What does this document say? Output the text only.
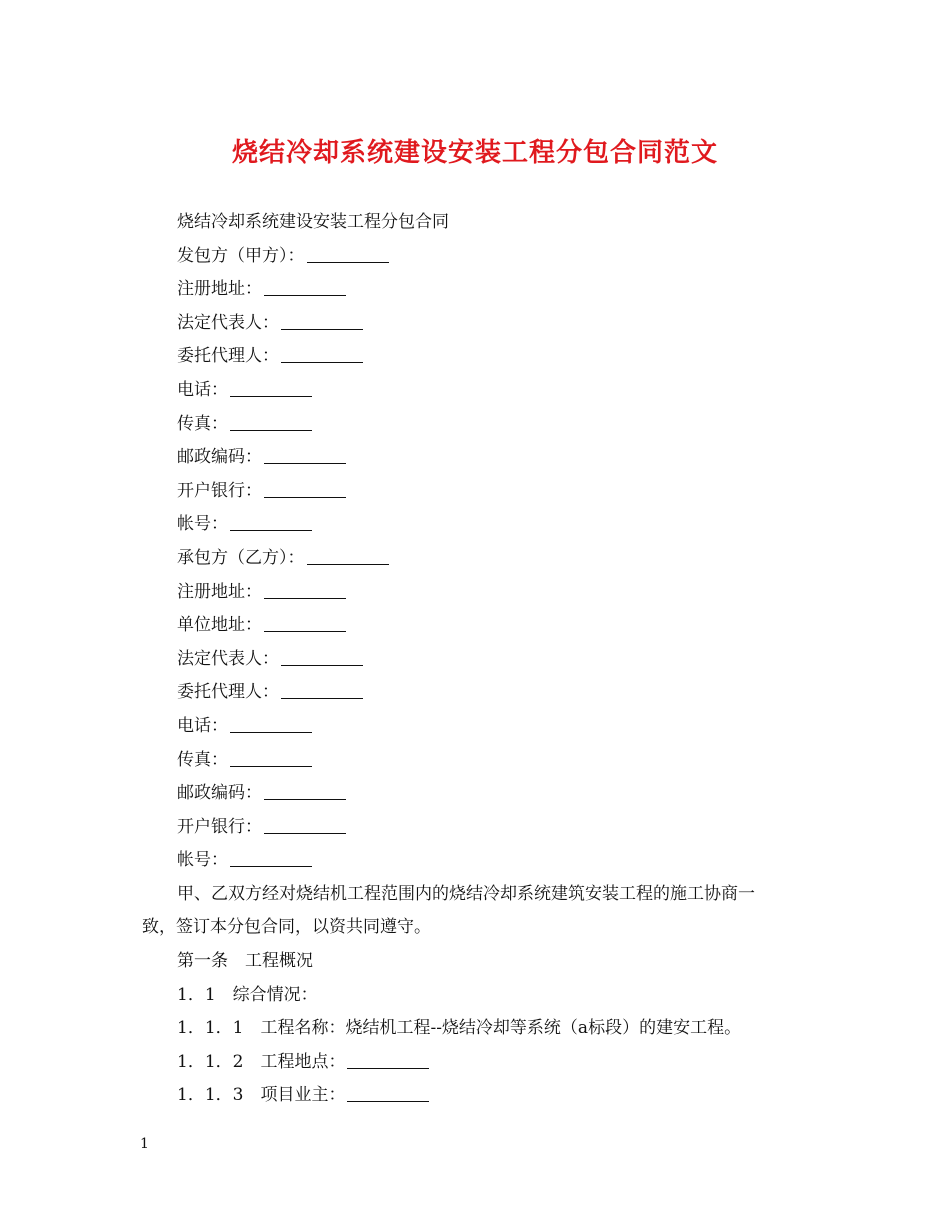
烧结冷却系统建设安装工程分包合同范文
烧结冷却系统建设安装工程分包合同
发包方（甲方）：
注册地址：
法定代表人：
委托代理人：
电话：
传真：
邮政编码：
开户银行：
帐号：
承包方（乙方）：
注册地址：
单位地址：
法定代表人：
委托代理人：
电话：
传真：
邮政编码：
开户银行：
帐号：
甲、乙双方经对烧结机工程范围内的烧结冷却系统建筑安装工程的施工协商一
致，签订本分包合同，以资共同遵守。
第一条　工程概况
1．1　综合情况：
1．1．1　工程名称：烧结机工程--烧结冷却等系统（a标段）的建安工程。
1．1．2　工程地点：
1．1．3　项目业主：
1
